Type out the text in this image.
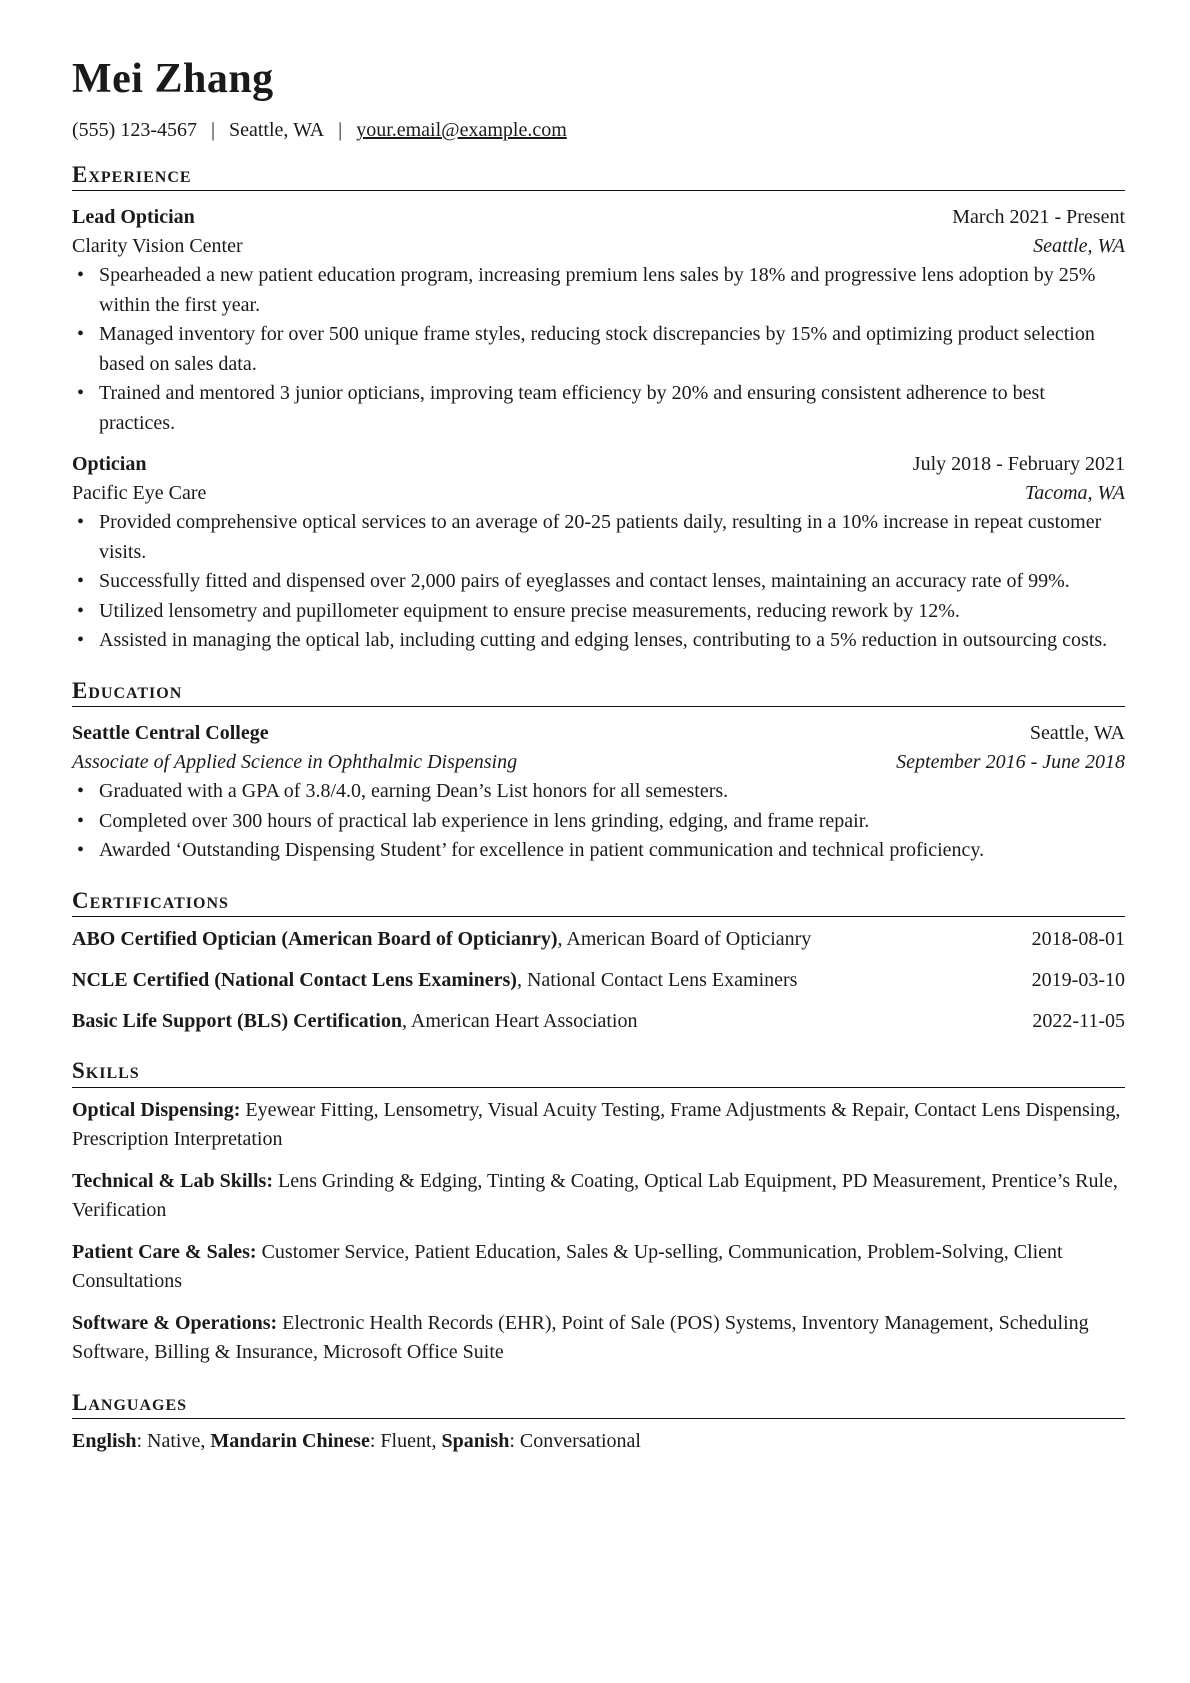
Mei Zhang
(555) 123-4567 | Seattle, WA | your.email@example.com
Experience
Lead Optician	March 2021 - Present
Clarity Vision Center	Seattle, WA
• Spearheaded a new patient education program, increasing premium lens sales by 18% and progressive lens adoption by 25% within the first year.
• Managed inventory for over 500 unique frame styles, reducing stock discrepancies by 15% and optimizing product selection based on sales data.
• Trained and mentored 3 junior opticians, improving team efficiency by 20% and ensuring consistent adherence to best practices.
Optician	July 2018 - February 2021
Pacific Eye Care	Tacoma, WA
• Provided comprehensive optical services to an average of 20-25 patients daily, resulting in a 10% increase in repeat customer visits.
• Successfully fitted and dispensed over 2,000 pairs of eyeglasses and contact lenses, maintaining an accuracy rate of 99%.
• Utilized lensometry and pupillometer equipment to ensure precise measurements, reducing rework by 12%.
• Assisted in managing the optical lab, including cutting and edging lenses, contributing to a 5% reduction in outsourcing costs.
Education
Seattle Central College	Seattle, WA
Associate of Applied Science in Ophthalmic Dispensing	September 2016 - June 2018
• Graduated with a GPA of 3.8/4.0, earning Dean’s List honors for all semesters.
• Completed over 300 hours of practical lab experience in lens grinding, edging, and frame repair.
• Awarded ‘Outstanding Dispensing Student’ for excellence in patient communication and technical proficiency.
Certifications
ABO Certified Optician (American Board of Opticianry), American Board of Opticianry	2018-08-01
NCLE Certified (National Contact Lens Examiners), National Contact Lens Examiners	2019-03-10
Basic Life Support (BLS) Certification, American Heart Association	2022-11-05
Skills
Optical Dispensing: Eyewear Fitting, Lensometry, Visual Acuity Testing, Frame Adjustments & Repair, Contact Lens Dispensing, Prescription Interpretation
Technical & Lab Skills: Lens Grinding & Edging, Tinting & Coating, Optical Lab Equipment, PD Measurement, Prentice’s Rule, Verification
Patient Care & Sales: Customer Service, Patient Education, Sales & Up-selling, Communication, Problem-Solving, Client Consultations
Software & Operations: Electronic Health Records (EHR), Point of Sale (POS) Systems, Inventory Management, Scheduling Software, Billing & Insurance, Microsoft Office Suite
Languages
English: Native, Mandarin Chinese: Fluent, Spanish: Conversational
